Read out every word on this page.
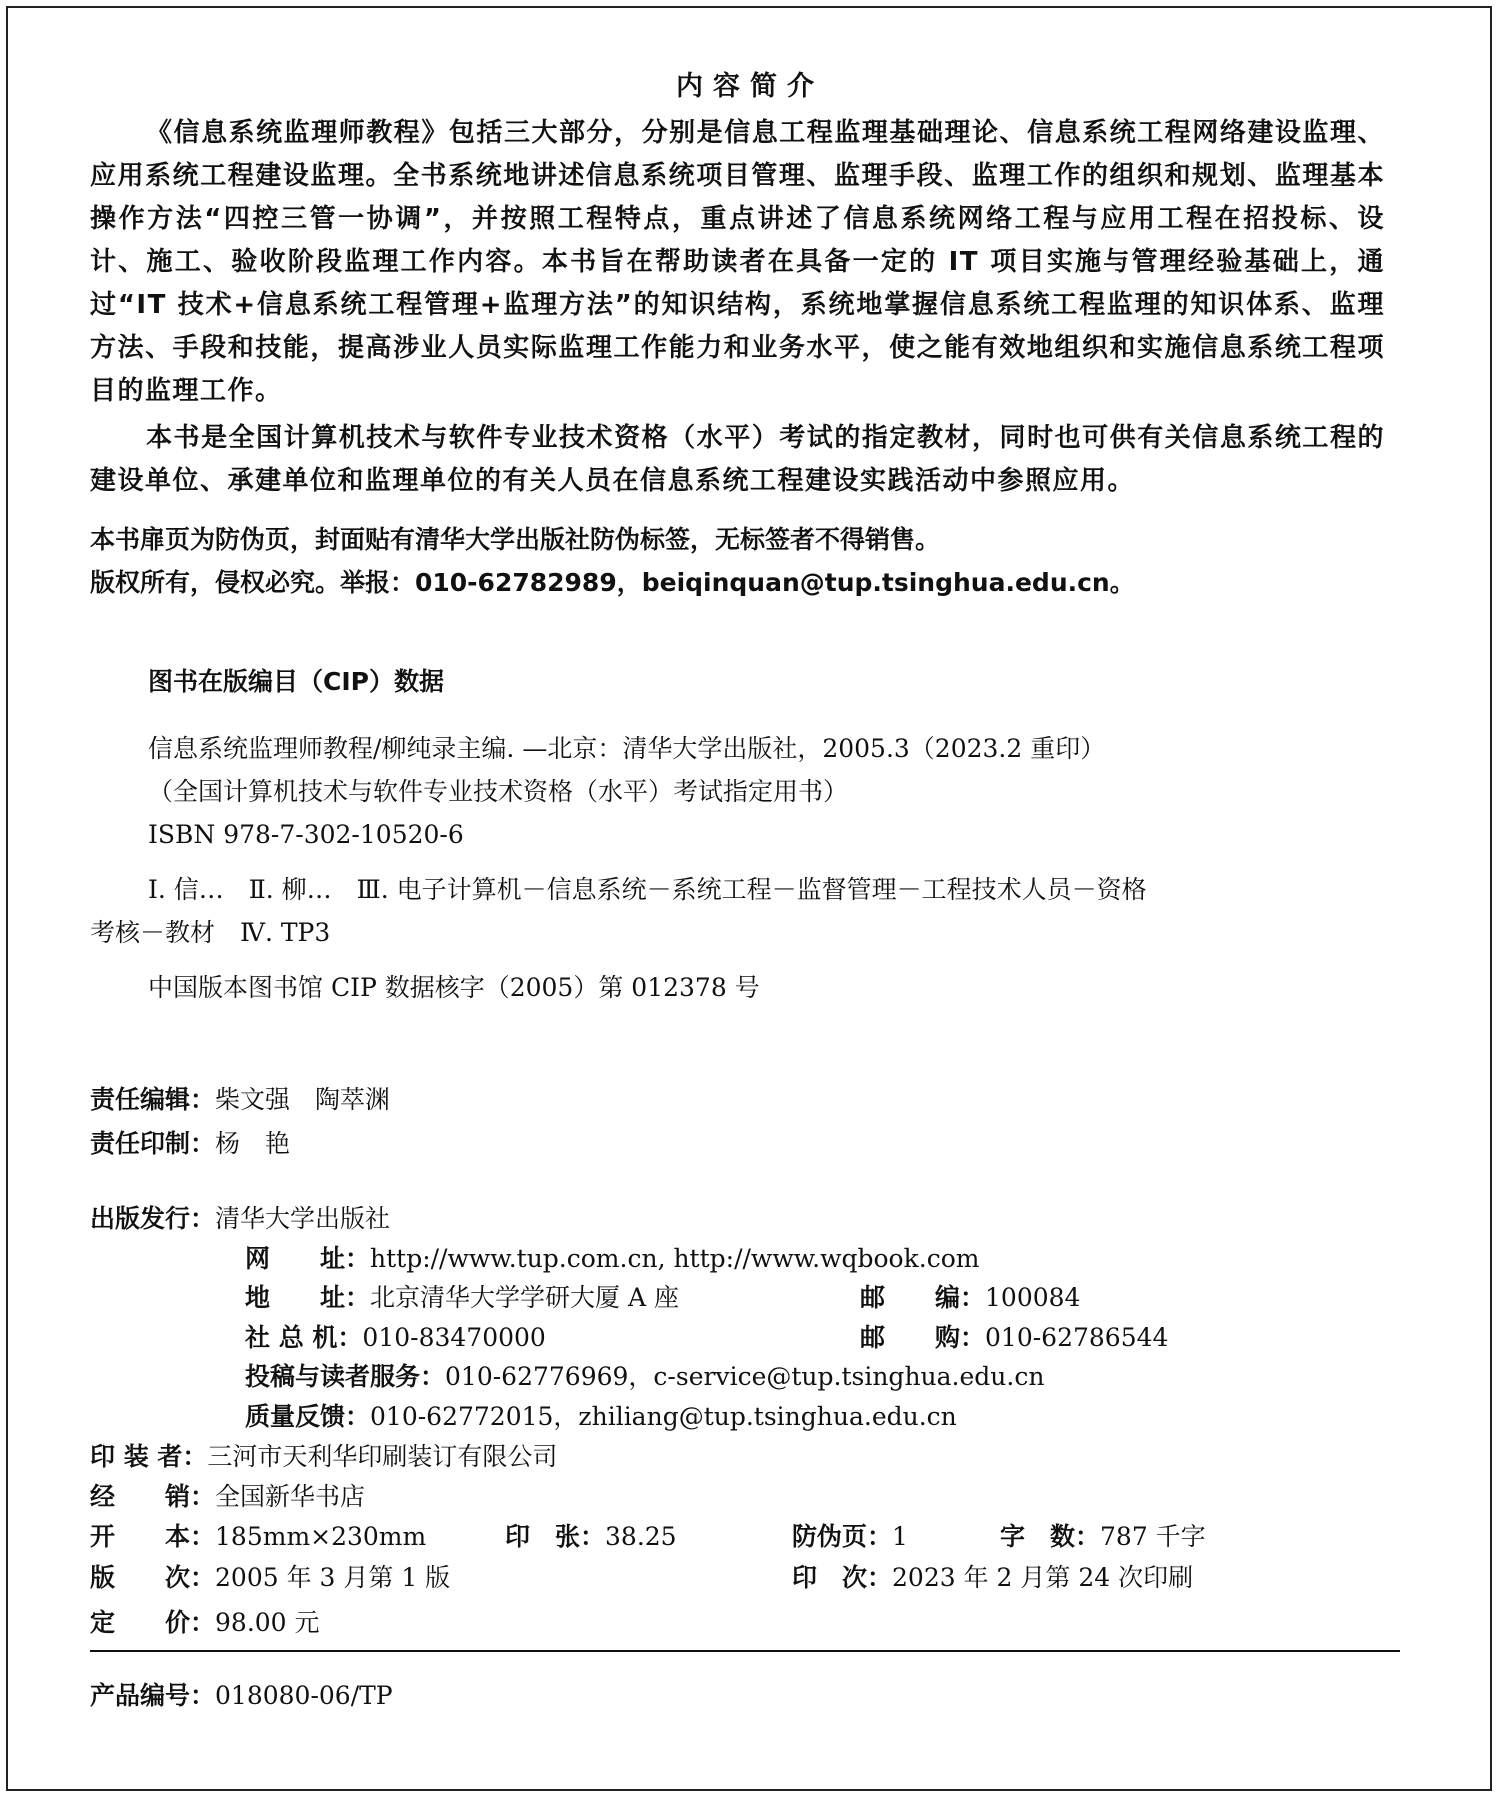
内容简介

《信息系统监理师教程》包括三大部分，分别是信息工程监理基础理论、信息系统工程网络建设监理、应用系统工程建设监理。全书系统地讲述信息系统项目管理、监理手段、监理工作的组织和规划、监理基本操作方法“四控三管一协调”，并按照工程特点，重点讲述了信息系统网络工程与应用工程在招投标、设计、施工、验收阶段监理工作内容。本书旨在帮助读者在具备一定的 IT 项目实施与管理经验基础上，通过“IT 技术+信息系统工程管理+监理方法”的知识结构，系统地掌握信息系统工程监理的知识体系、监理方法、手段和技能，提高涉业人员实际监理工作能力和业务水平，使之能有效地组织和实施信息系统工程项目的监理工作。

本书是全国计算机技术与软件专业技术资格（水平）考试的指定教材，同时也可供有关信息系统工程的建设单位、承建单位和监理单位的有关人员在信息系统工程建设实践活动中参照应用。

本书扉页为防伪页，封面贴有清华大学出版社防伪标签，无标签者不得销售。
版权所有，侵权必究。举报：010-62782989，beiqinquan@tup.tsinghua.edu.cn。
图书在版编目（CIP）数据
信息系统监理师教程/柳纯录主编. —北京：清华大学出版社，2005.3（2023.2 重印）
（全国计算机技术与软件专业技术资格（水平）考试指定用书）
ISBN 978-7-302-10520-6
Ⅰ. 信…　Ⅱ. 柳…　Ⅲ. 电子计算机－信息系统－系统工程－监督管理－工程技术人员－资格
考核－教材　Ⅳ. TP3
中国版本图书馆 CIP 数据核字（2005）第 012378 号
责任编辑：柴文强　陶萃渊
责任印制：杨　艳
出版发行：清华大学出版社
网　　址：http://www.tup.com.cn, http://www.wqbook.com
地　　址：北京清华大学学研大厦 A 座	邮　　编：100084
社 总 机：010-83470000	邮　　购：010-62786544
投稿与读者服务：010-62776969，c-service@tup.tsinghua.edu.cn
质量反馈：010-62772015，zhiliang@tup.tsinghua.edu.cn
印 装 者：三河市天利华印刷装订有限公司
经　　销：全国新华书店
开　　本：185mm×230mm	印　张：38.25	防伪页：1	字　数：787 千字
版　　次：2005 年 3 月第 1 版	印　次：2023 年 2 月第 24 次印刷
定　　价：98.00 元
产品编号：018080-06/TP
